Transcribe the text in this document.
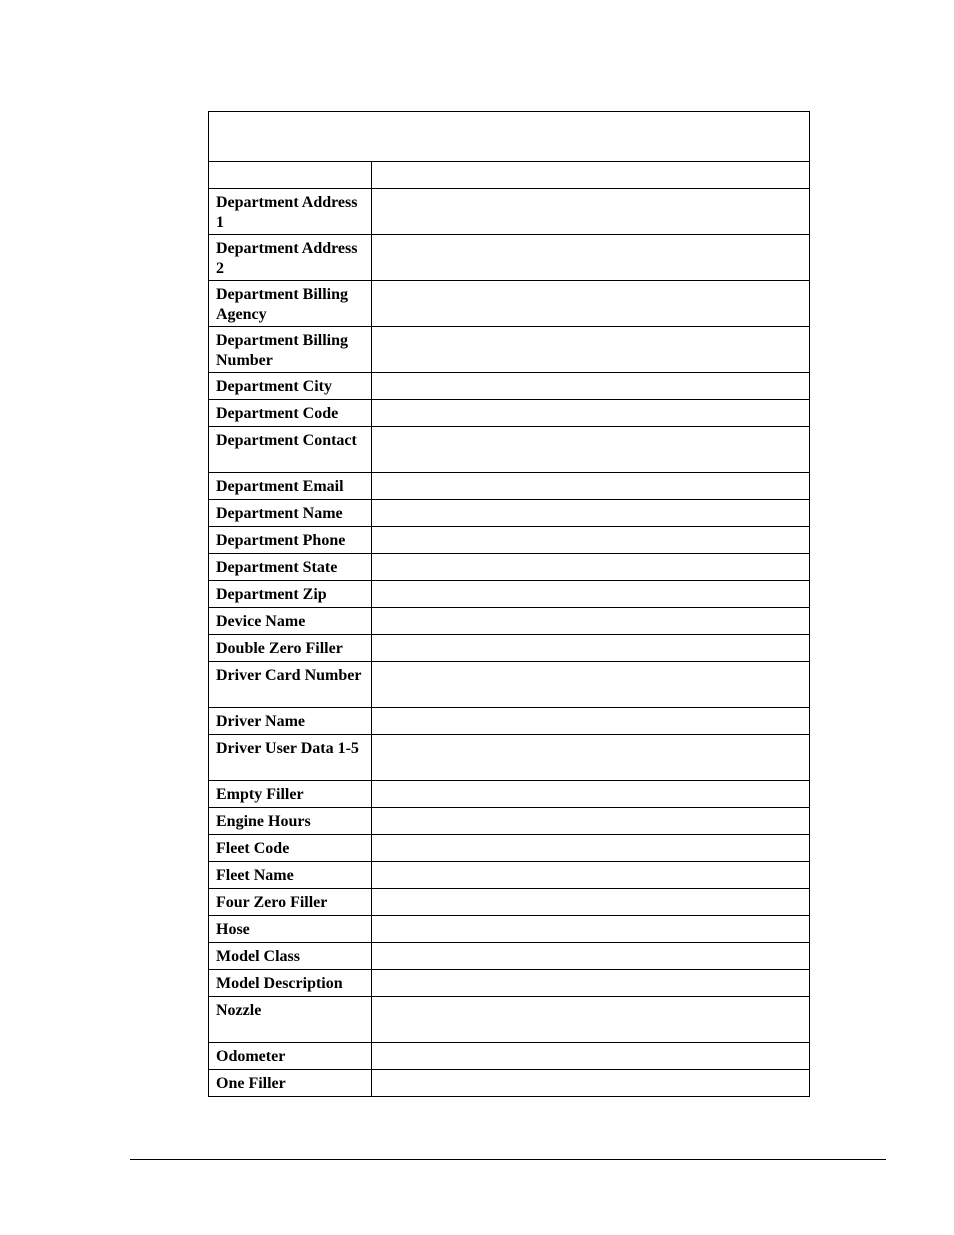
Department Address 1	

Department Address 2	

Department Billing Agency	

Department Billing Number	

Department City	

Department Code	

Department Contact	

Department Email	

Department Name	

Department Phone	

Department State	

Department Zip	

Device Name	

Double Zero Filler	

Driver Card Number	

Driver Name	

Driver User Data 1-5	

Empty Filler	

Engine Hours	

Fleet Code	

Fleet Name	

Four Zero Filler	

Hose	

Model Class	

Model Description	

Nozzle	

Odometer	

One Filler	
